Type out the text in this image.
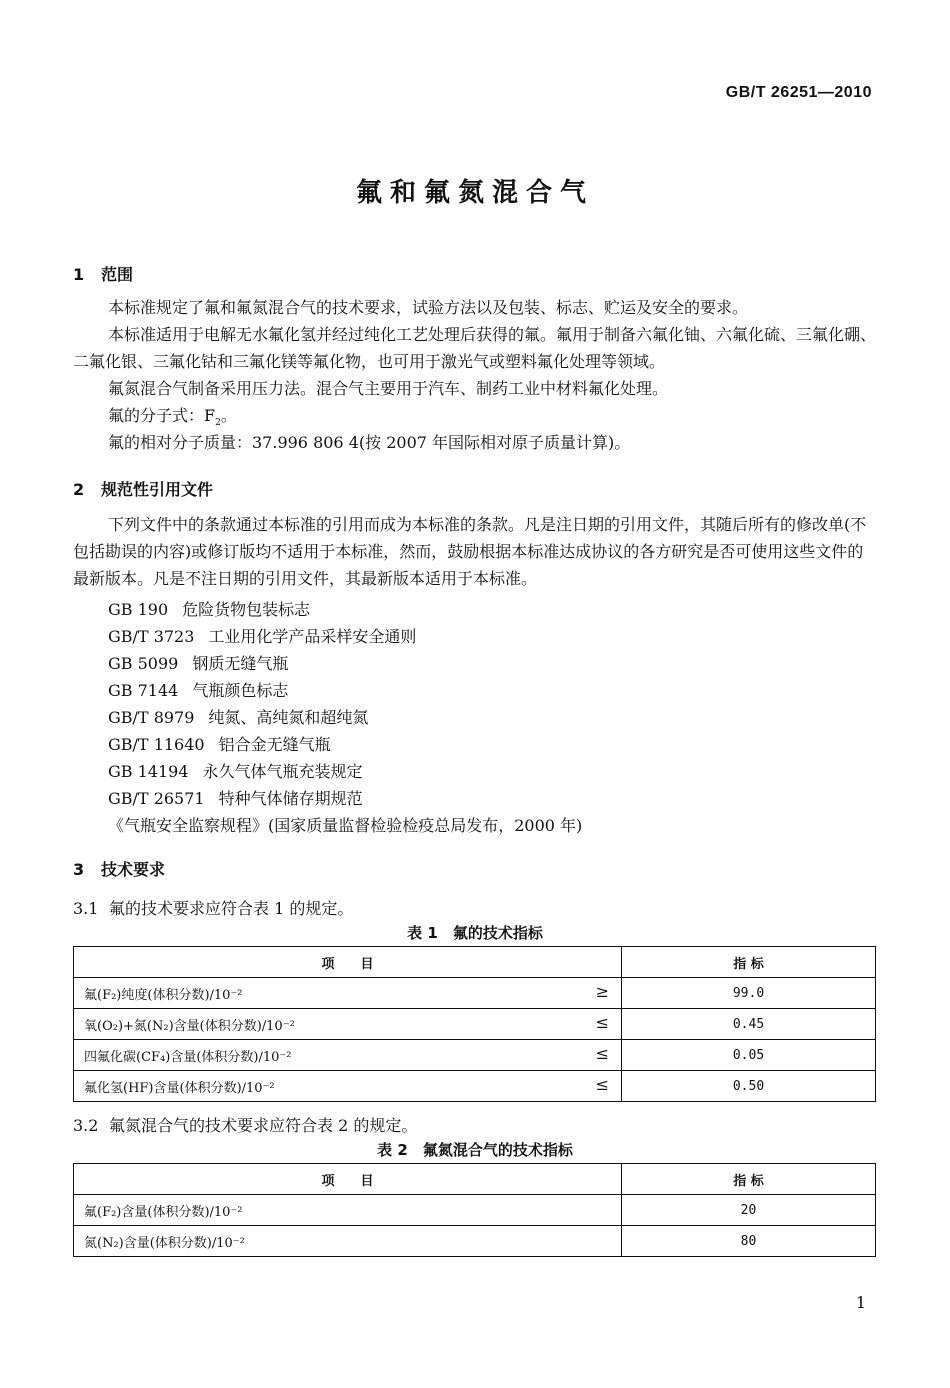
GB/T 26251—2010
氟和氟氮混合气
1 范围

本标准规定了氟和氟氮混合气的技术要求，试验方法以及包装、标志、贮运及安全的要求。

本标准适用于电解无水氟化氢并经过纯化工艺处理后获得的氟。氟用于制备六氟化铀、六氟化硫、三氟化硼、二氟化银、三氟化钴和三氟化镁等氟化物，也可用于激光气或塑料氟化处理等领域。

氟氮混合气制备采用压力法。混合气主要用于汽车、制药工业中材料氟化处理。

氟的分子式：$F_2$。

氟的相对分子质量：37.996 806 4(按 2007 年国际相对原子质量计算)。

2 规范性引用文件

下列文件中的条款通过本标准的引用而成为本标准的条款。凡是注日期的引用文件，其随后所有的修改单(不包括勘误的内容)或修订版均不适用于本标准，然而，鼓励根据本标准达成协议的各方研究是否可使用这些文件的最新版本。凡是不注日期的引用文件，其最新版本适用于本标准。

GB 190 危险货物包装标志
GB/T 3723 工业用化学产品采样安全通则
GB 5099 钢质无缝气瓶
GB 7144 气瓶颜色标志
GB/T 8979 纯氮、高纯氮和超纯氮
GB/T 11640 铝合金无缝气瓶
GB 14194 永久气体气瓶充装规定
GB/T 26571 特种气体储存期规范
《气瓶安全监察规程》(国家质量监督检验检疫总局发布，2000 年)
3 技术要求
3.1 氟的技术要求应符合表 1 的规定。
表 1　氟的技术指标
项　　目	指 标
氟(F₂)纯度(体积分数)/10⁻² ≥	99.0
氧(O₂)+氮(N₂)含量(体积分数)/10⁻² ≤	0.45
四氟化碳(CF₄)含量(体积分数)/10⁻² ≤	0.05
氟化氢(HF)含量(体积分数)/10⁻² ≤	0.50
3.2 氟氮混合气的技术要求应符合表 2 的规定。
表 2　氟氮混合气的技术指标
项　　目	指 标
氟(F₂)含量(体积分数)/10⁻²	20
氮(N₂)含量(体积分数)/10⁻²	80
1
